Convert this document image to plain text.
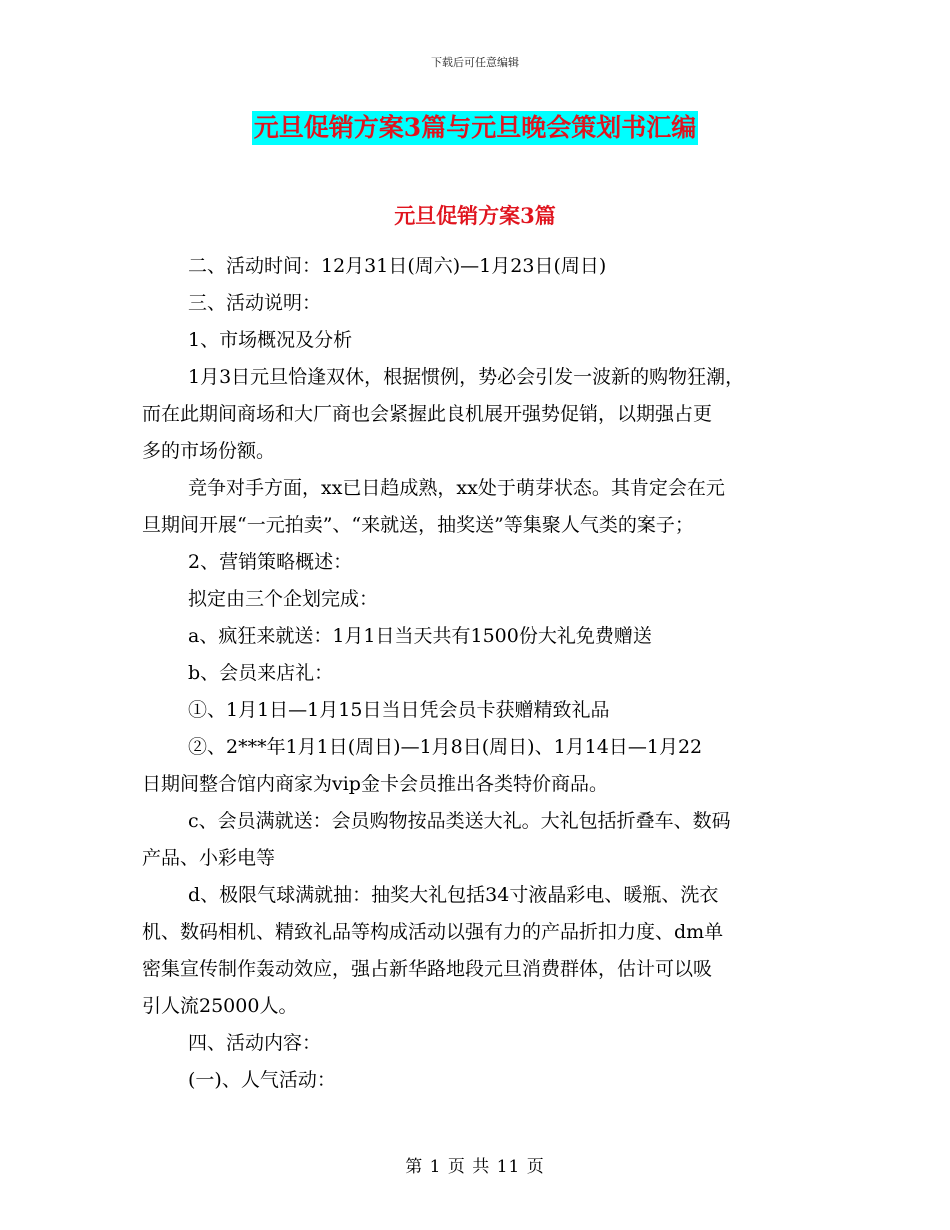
下载后可任意编辑
元旦促销方案3篇与元旦晚会策划书汇编
元旦促销方案3篇
二、活动时间：12月31日(周六)—1月23日(周日)
三、活动说明：
1、市场概况及分析
1月3日元旦恰逢双休，根据惯例，势必会引发一波新的购物狂潮，
而在此期间商场和大厂商也会紧握此良机展开强势促销，以期强占更
多的市场份额。
竞争对手方面，xx已日趋成熟，xx处于萌芽状态。其肯定会在元
旦期间开展“一元拍卖”、“来就送，抽奖送”等集聚人气类的案子；
2、营销策略概述：
拟定由三个企划完成：
a、疯狂来就送：1月1日当天共有1500份大礼免费赠送
b、会员来店礼：
①、1月1日—1月15日当日凭会员卡获赠精致礼品
②、2***年1月1日(周日)—1月8日(周日)、1月14日—1月22
日期间整合馆内商家为vip金卡会员推出各类特价商品。
c、会员满就送：会员购物按品类送大礼。大礼包括折叠车、数码
产品、小彩电等
d、极限气球满就抽：抽奖大礼包括34寸液晶彩电、暖瓶、洗衣
机、数码相机、精致礼品等构成活动以强有力的产品折扣力度、dm单
密集宣传制作轰动效应，强占新华路地段元旦消费群体，估计可以吸
引人流25000人。
四、活动内容：
(一)、人气活动：
第 1 页 共 11 页
